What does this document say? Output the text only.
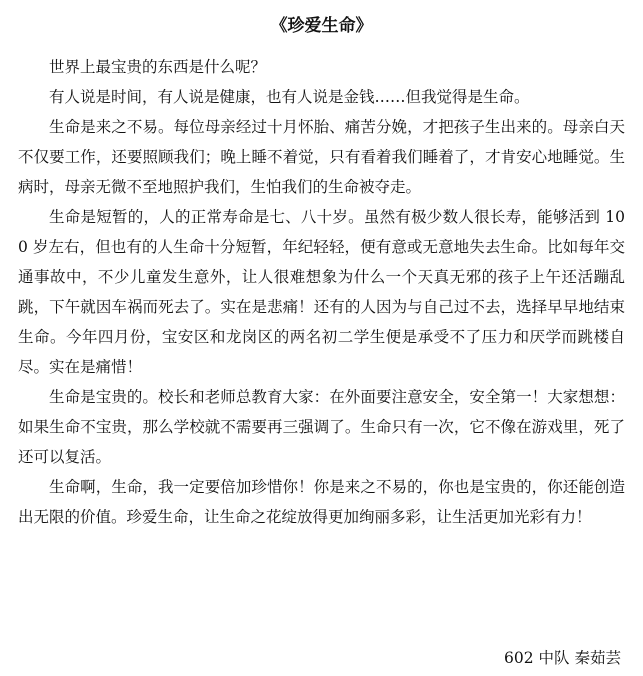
《珍爱生命》

世界上最宝贵的东西是什么呢？

有人说是时间，有人说是健康，也有人说是金钱……但我觉得是生命。

生命是来之不易。每位母亲经过十月怀胎、痛苦分娩，才把孩子生出来的。母亲白天不仅要工作，还要照顾我们；晚上睡不着觉，只有看着我们睡着了，才肯安心地睡觉。生病时，母亲无微不至地照护我们，生怕我们的生命被夺走。

生命是短暂的，人的正常寿命是七、八十岁。虽然有极少数人很长寿，能够活到 100 岁左右，但也有的人生命十分短暂，年纪轻轻，便有意或无意地失去生命。比如每年交通事故中，不少儿童发生意外，让人很难想象为什么一个天真无邪的孩子上午还活蹦乱跳，下午就因车祸而死去了。实在是悲痛！还有的人因为与自己过不去，选择早早地结束生命。今年四月份，宝安区和龙岗区的两名初二学生便是承受不了压力和厌学而跳楼自尽。实在是痛惜！

生命是宝贵的。校长和老师总教育大家：在外面要注意安全，安全第一！大家想想：如果生命不宝贵，那么学校就不需要再三强调了。生命只有一次，它不像在游戏里，死了还可以复活。

生命啊，生命，我一定要倍加珍惜你！你是来之不易的，你也是宝贵的，你还能创造出无限的价值。珍爱生命，让生命之花绽放得更加绚丽多彩，让生活更加光彩有力！

602 中队 秦茹芸
